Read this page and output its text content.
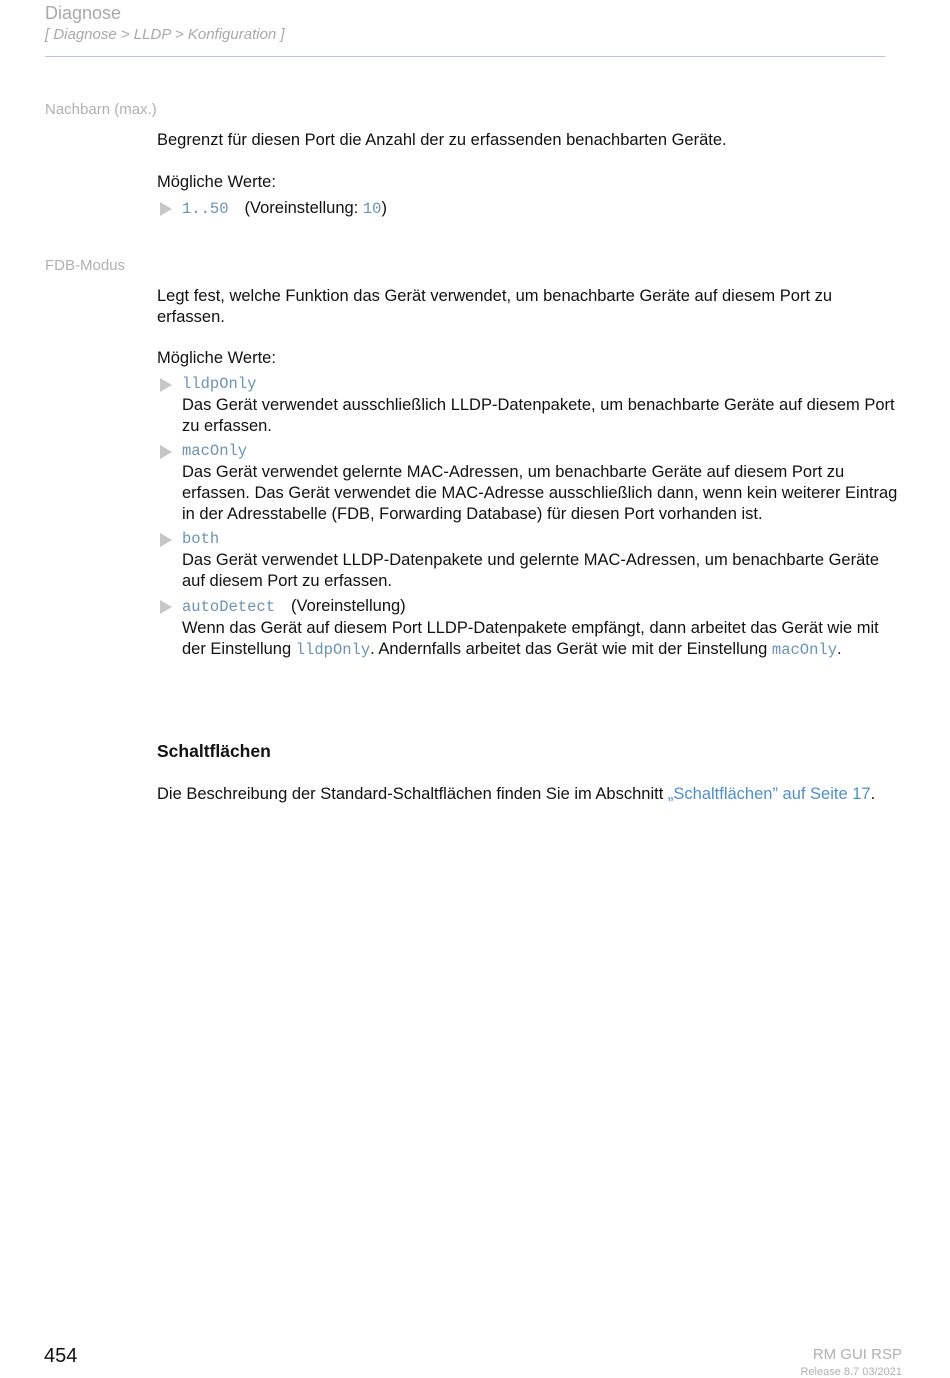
Diagnose
[ Diagnose > LLDP > Konfiguration ]
Nachbarn (max.)
Begrenzt für diesen Port die Anzahl der zu erfassenden benachbarten Geräte.
Mögliche Werte:
1..50 (Voreinstellung: 10)
FDB-Modus
Legt fest, welche Funktion das Gerät verwendet, um benachbarte Geräte auf diesem Port zu erfassen.
Mögliche Werte:
lldpOnly
Das Gerät verwendet ausschließlich LLDP-Datenpakete, um benachbarte Geräte auf diesem Port zu erfassen.
macOnly
Das Gerät verwendet gelernte MAC-Adressen, um benachbarte Geräte auf diesem Port zu erfassen. Das Gerät verwendet die MAC-Adresse ausschließlich dann, wenn kein weiterer Eintrag in der Adresstabelle (FDB, Forwarding Database) für diesen Port vorhanden ist.
both
Das Gerät verwendet LLDP-Datenpakete und gelernte MAC-Adressen, um benachbarte Geräte auf diesem Port zu erfassen.
autoDetect (Voreinstellung)
Wenn das Gerät auf diesem Port LLDP-Datenpakete empfängt, dann arbeitet das Gerät wie mit der Einstellung lldpOnly. Andernfalls arbeitet das Gerät wie mit der Einstellung macOnly.
Schaltflächen
Die Beschreibung der Standard-Schaltflächen finden Sie im Abschnitt „Schaltflächen” auf Seite 17.
454	RM GUI RSP
Release 8.7 03/2021
